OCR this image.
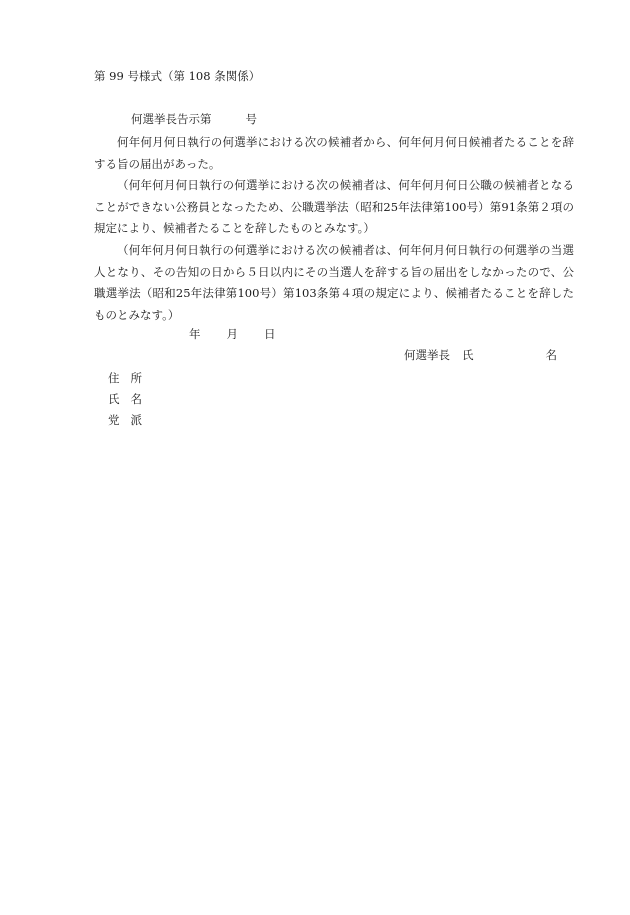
第 99 号様式（第 108 条関係）
何選挙長告示第	号
何年何月何日執行の何選挙における次の候補者から、何年何月何日候補者たることを辞する旨の届出があった。
（何年何月何日執行の何選挙における次の候補者は、何年何月何日公職の候補者となることができない公務員となったため、公職選挙法（昭和25年法律第100号）第91条第２項の規定により、候補者たることを辞したものとみなす。）
（何年何月何日執行の何選挙における次の候補者は、何年何月何日執行の何選挙の当選人となり、その告知の日から５日以内にその当選人を辞する旨の届出をしなかったので、公職選挙法（昭和25年法律第100号）第103条第４項の規定により、候補者たることを辞したものとみなす。）
年 月 日
何選挙長 氏	名
住 所
氏 名
党 派
